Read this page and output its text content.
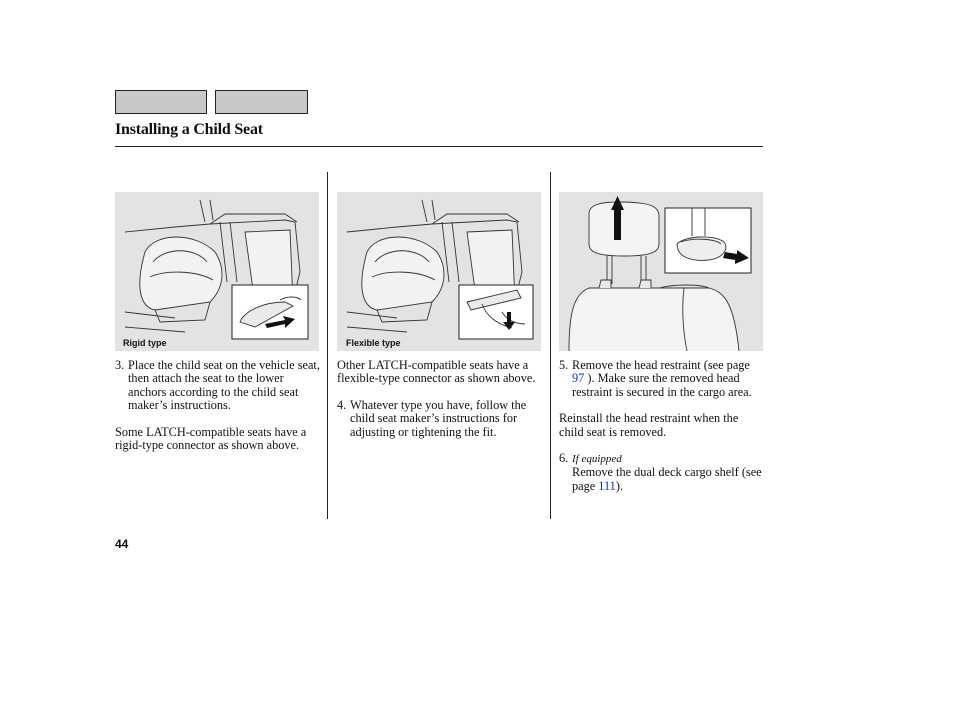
Installing a Child Seat
Rigid type	Flexible type

3. Place the child seat on the vehicle seat, then attach the seat to the lower anchors according to the child seat maker’s instructions.

Some LATCH-compatible seats have a rigid-type connector as shown above.

Other LATCH-compatible seats have a flexible-type connector as shown above.

4. Whatever type you have, follow the child seat maker’s instructions for adjusting or tightening the fit.

5. Remove the head restraint (see page 97 ). Make sure the removed head restraint is secured in the cargo area.

Reinstall the head restraint when the child seat is removed.

6. If equipped
Remove the dual deck cargo shelf (see page 111).

44
